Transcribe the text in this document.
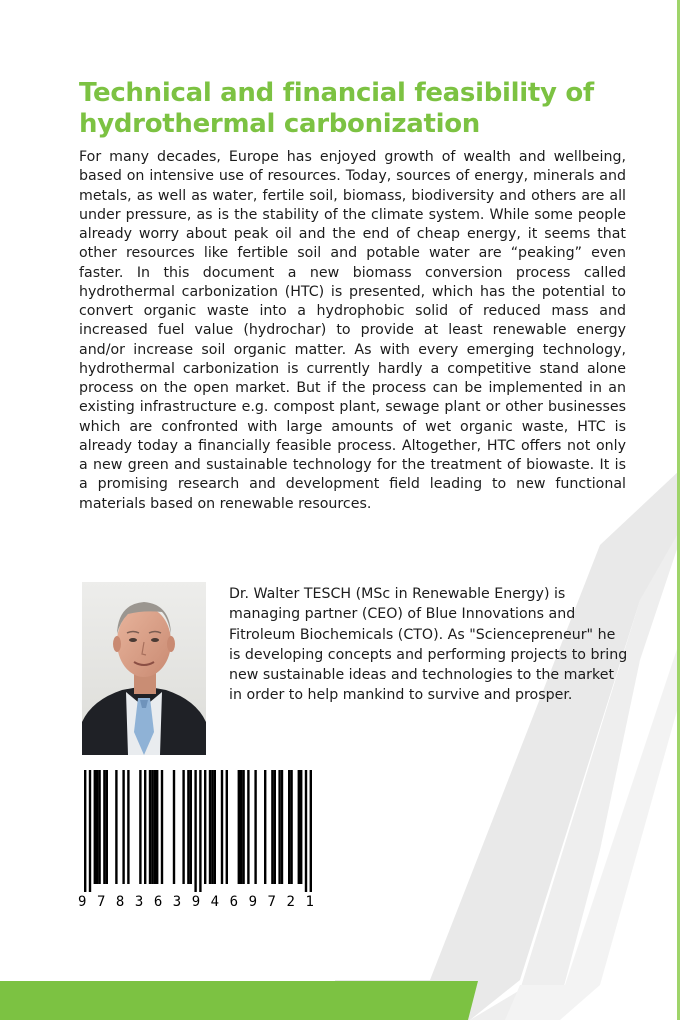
Technical and financial feasibility of hydrothermal carbonization

For many decades, Europe has enjoyed growth of wealth and wellbeing, based on intensive use of resources. Today, sources of energy, minerals and metals, as well as water, fertile soil, biomass, biodiversity and others are all under pressure, as is the stability of the climate system. While some people already worry about peak oil and the end of cheap energy, it seems that other resources like fertible soil and potable water are “peaking” even faster. In this document a new biomass conversion process called hydrothermal carbonization (HTC) is presented, which has the potential to convert organic waste into a hydrophobic solid of reduced mass and increased fuel value (hydrochar) to provide at least renewable energy and/or increase soil organic matter. As with every emerging technology, hydrothermal carbonization is currently hardly a competitive stand alone process on the open market. But if the process can be implemented in an existing infrastructure e.g. compost plant, sewage plant or other businesses which are confronted with large amounts of wet organic waste, HTC is already today a financially feasible process. Altogether, HTC offers not only a new green and sustainable technology for the treatment of biowaste. It is a promising research and development field leading to new functional materials based on renewable resources.

Dr. Walter TESCH (MSc in Renewable Energy) is managing partner (CEO) of Blue Innovations and Fitroleum Biochemicals (CTO). As "Sciencepreneur" he is developing concepts and performing projects to bring new sustainable ideas and technologies to the market in order to help mankind to survive and prosper.

9 7 8 3 6 3 9 4 6 9 7 2 1
